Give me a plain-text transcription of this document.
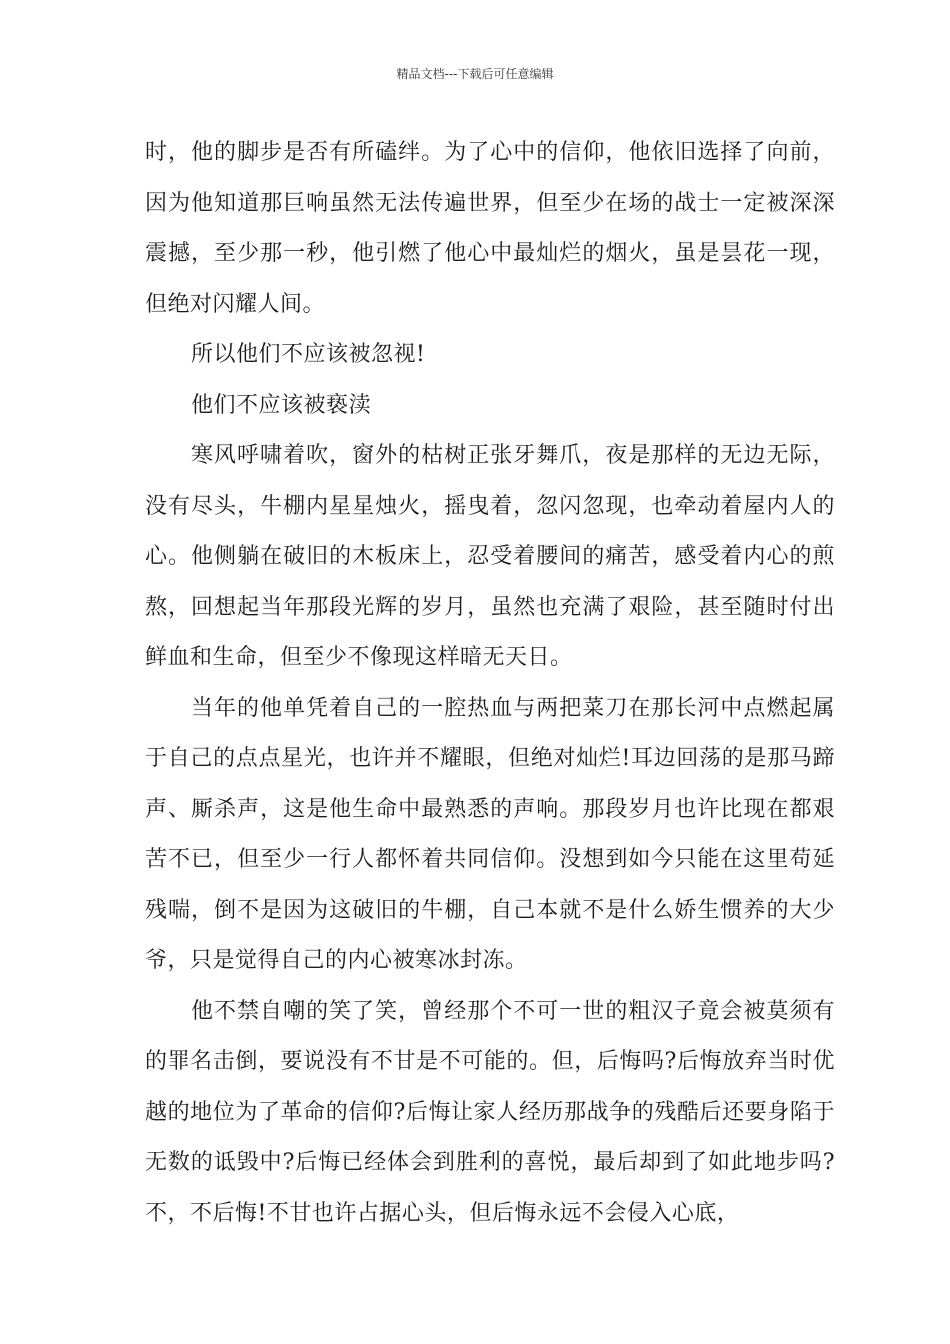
精品文档---下载后可任意编辑

时，他的脚步是否有所磕绊。为了心中的信仰，他依旧选择了向前，因为他知道那巨响虽然无法传遍世界，但至少在场的战士一定被深深震撼，至少那一秒，他引燃了他心中最灿烂的烟火，虽是昙花一现，但绝对闪耀人间。

所以他们不应该被忽视!

他们不应该被亵渎

寒风呼啸着吹，窗外的枯树正张牙舞爪，夜是那样的无边无际，没有尽头，牛棚内星星烛火，摇曳着，忽闪忽现，也牵动着屋内人的心。他侧躺在破旧的木板床上，忍受着腰间的痛苦，感受着内心的煎熬，回想起当年那段光辉的岁月，虽然也充满了艰险，甚至随时付出鲜血和生命，但至少不像现这样暗无天日。

当年的他单凭着自己的一腔热血与两把菜刀在那长河中点燃起属于自己的点点星光，也许并不耀眼，但绝对灿烂!耳边回荡的是那马蹄声、厮杀声，这是他生命中最熟悉的声响。那段岁月也许比现在都艰苦不已，但至少一行人都怀着共同信仰。没想到如今只能在这里苟延残喘，倒不是因为这破旧的牛棚，自己本就不是什么娇生惯养的大少爷，只是觉得自己的内心被寒冰封冻。

他不禁自嘲的笑了笑，曾经那个不可一世的粗汉子竟会被莫须有的罪名击倒，要说没有不甘是不可能的。但，后悔吗?后悔放弃当时优越的地位为了革命的信仰?后悔让家人经历那战争的残酷后还要身陷于无数的诋毁中?后悔已经体会到胜利的喜悦，最后却到了如此地步吗?不，不后悔!不甘也许占据心头，但后悔永远不会侵入心底，
